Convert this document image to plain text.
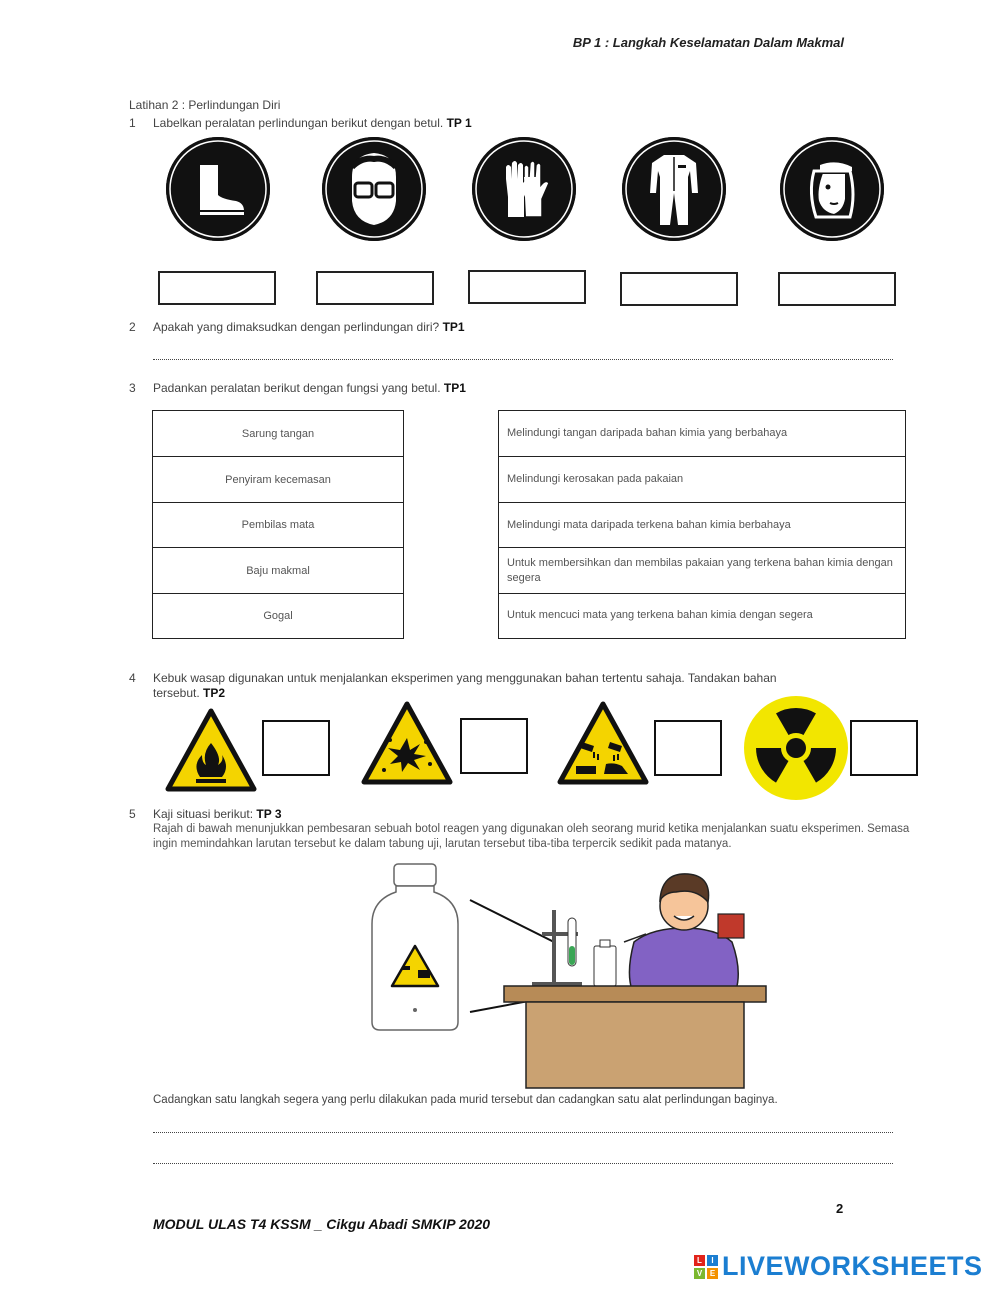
BP 1 : Langkah Keselamatan Dalam Makmal
Latihan 2 : Perlindungan Diri
1 Labelkan peralatan perlindungan berikut dengan betul. TP 1
2 Apakah yang dimaksudkan dengan perlindungan diri? TP1
3 Padankan peralatan berikut dengan fungsi yang betul. TP1
Sarung tangan
Penyiram kecemasan
Pembilas mata
Baju makmal
Gogal
Melindungi tangan daripada bahan kimia yang berbahaya
Melindungi kerosakan pada pakaian
Melindungi mata daripada terkena bahan kimia berbahaya
Untuk membersihkan dan membilas pakaian yang terkena bahan kimia dengan segera
Untuk mencuci mata yang terkena bahan kimia dengan segera
4 Kebuk wasap digunakan untuk menjalankan eksperimen yang menggunakan bahan tertentu sahaja. Tandakan bahan
tersebut. TP2
5 Kaji situasi berikut: TP 3
Rajah di bawah menunjukkan pembesaran sebuah botol reagen yang digunakan oleh seorang murid ketika menjalankan suatu eksperimen. Semasa ingin memindahkan larutan tersebut ke dalam tabung uji, larutan tersebut tiba-tiba terpercik sedikit pada matanya.
Cadangkan satu langkah segera yang perlu dilakukan pada murid tersebut dan cadangkan satu alat perlindungan baginya.
2
MODUL ULAS T4 KSSM _ Cikgu Abadi SMKIP 2020
L	I
V E LIVEWORKSHEETS
